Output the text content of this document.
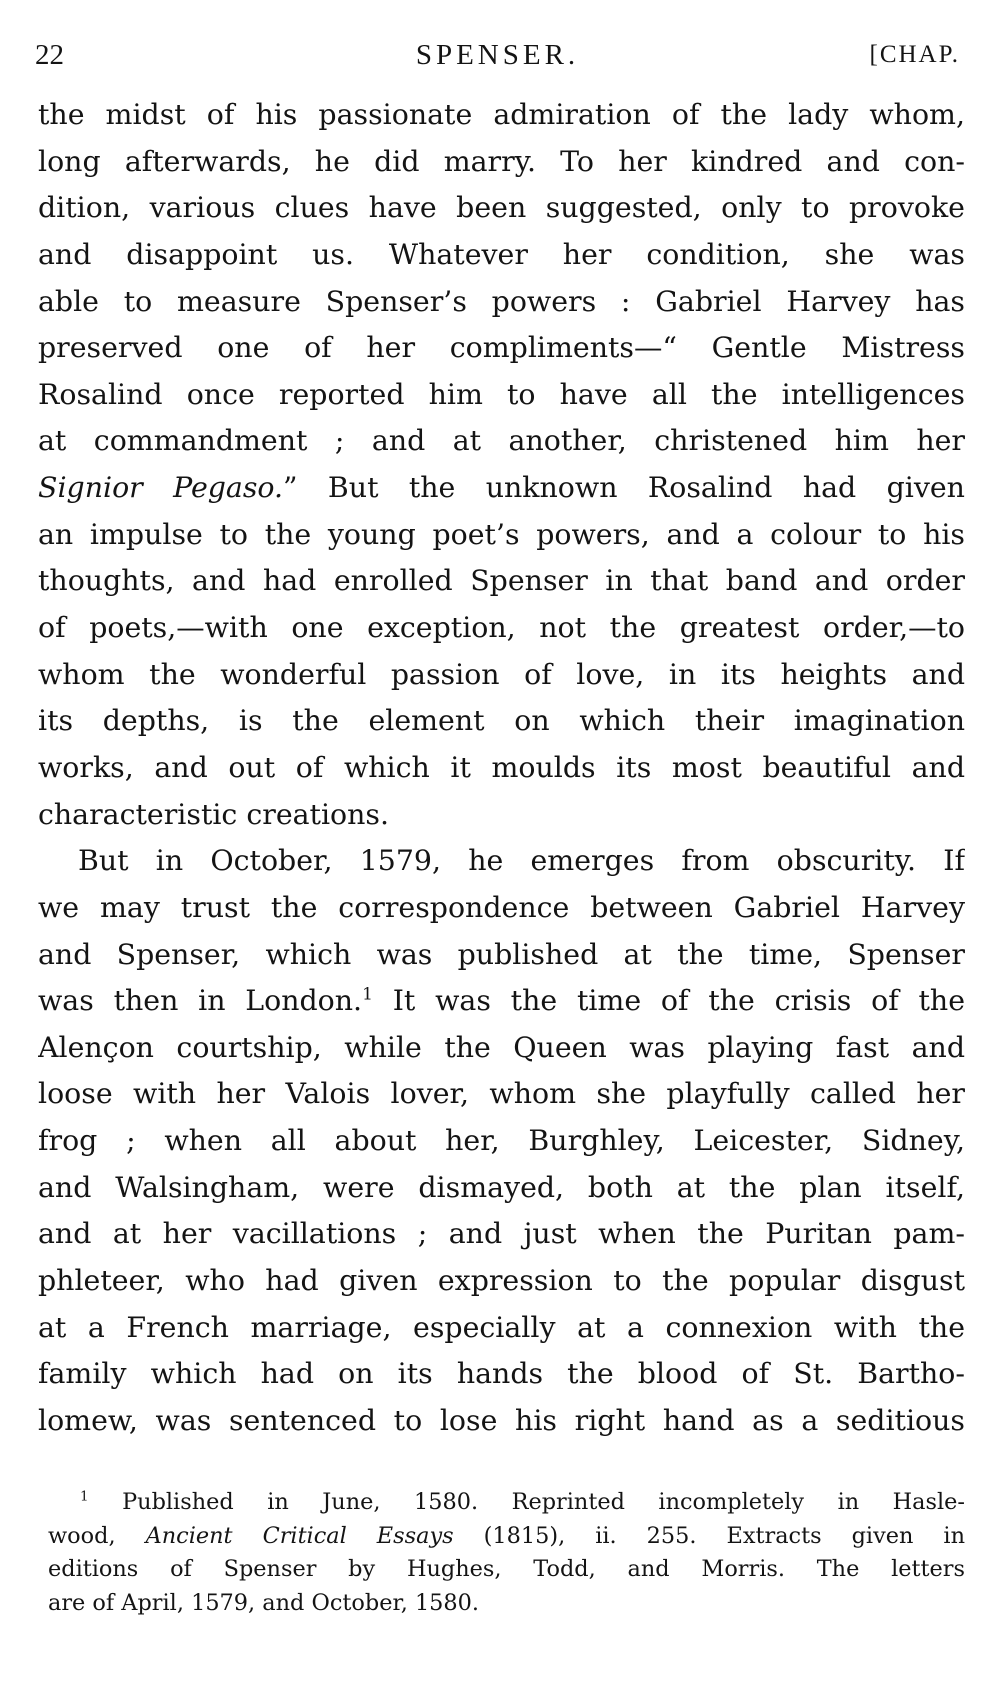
22	SPENSER.	[CHAP.
the midst of his passionate admiration of the lady whom,
long afterwards, he did marry. To her kindred and con-
dition, various clues have been suggested, only to provoke
and disappoint us. Whatever her condition, she was
able to measure Spenser’s powers : Gabriel Harvey has
preserved one of her compliments—“ Gentle Mistress
Rosalind once reported him to have all the intelligences
at commandment ; and at another, christened him her
Signior Pegaso.” But the unknown Rosalind had given
an impulse to the young poet’s powers, and a colour to his
thoughts, and had enrolled Spenser in that band and order
of poets,—with one exception, not the greatest order,—to
whom the wonderful passion of love, in its heights and
its depths, is the element on which their imagination
works, and out of which it moulds its most beautiful and
characteristic creations.
But in October, 1579, he emerges from obscurity. If
we may trust the correspondence between Gabriel Harvey
and Spenser, which was published at the time, Spenser
was then in London.$^1$ It was the time of the crisis of the
Alençon courtship, while the Queen was playing fast and
loose with her Valois lover, whom she playfully called her
frog ; when all about her, Burghley, Leicester, Sidney,
and Walsingham, were dismayed, both at the plan itself,
and at her vacillations ; and just when the Puritan pam-
phleteer, who had given expression to the popular disgust
at a French marriage, especially at a connexion with the
family which had on its hands the blood of St. Bartho-
lomew, was sentenced to lose his right hand as a seditious
$^1$ Published in June, 1580. Reprinted incompletely in Hasle-
wood, Ancient Critical Essays (1815), ii. 255. Extracts given in
editions of Spenser by Hughes, Todd, and Morris. The letters
are of April, 1579, and October, 1580.
